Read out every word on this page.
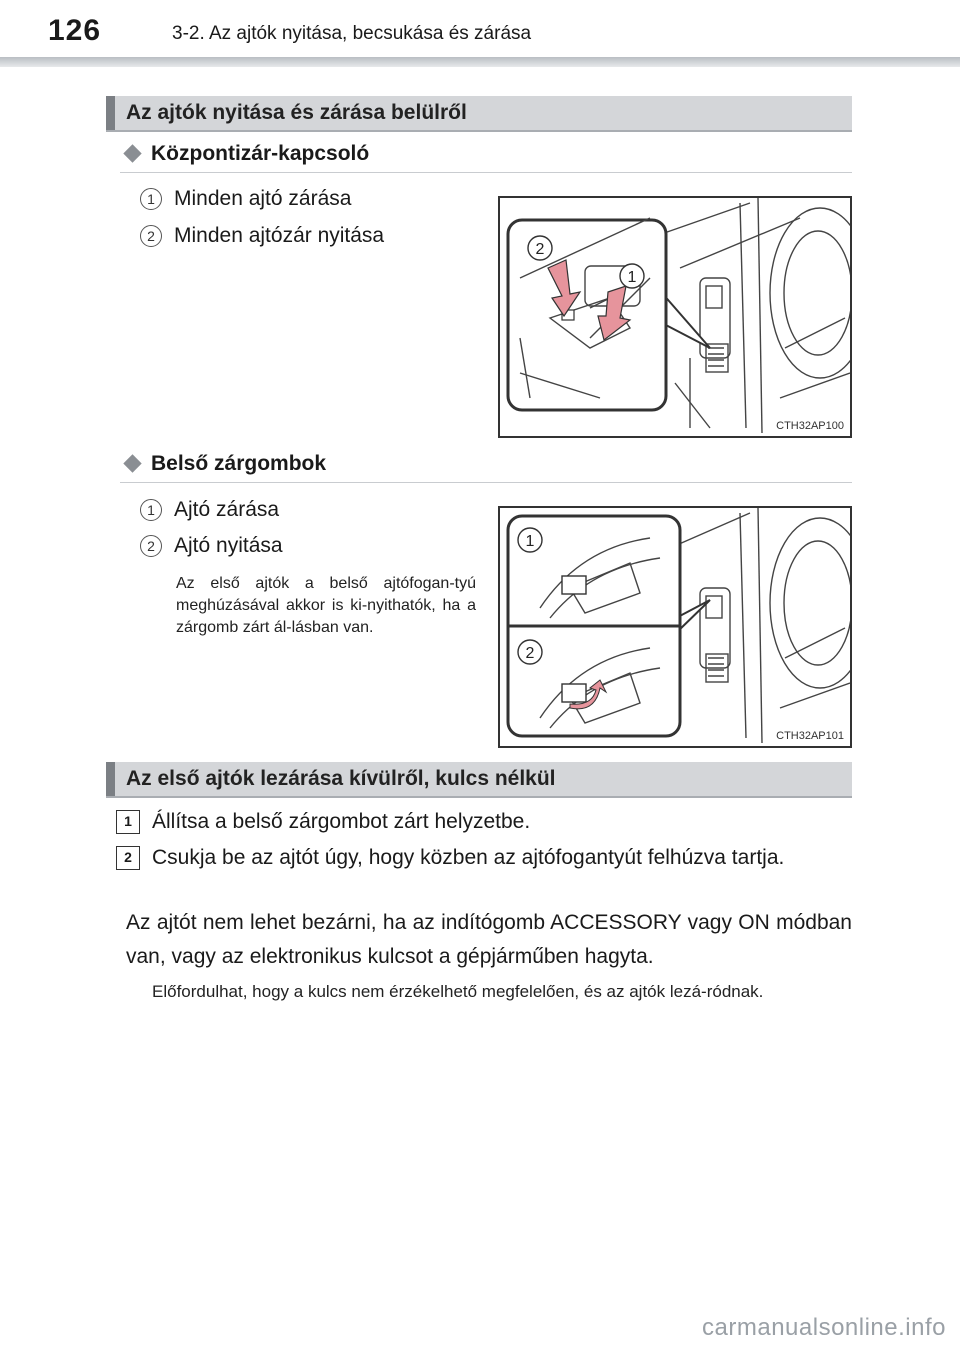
126	3-2. Az ajtók nyitása, becsukása és zárása
Az ajtók nyitása és zárása belülről
Központizár-kapcsoló
1 Minden ajtó zárása
2 Minden ajtózár nyitása
2
1
CTH32AP100
Belső zárgombok
1 Ajtó zárása
2 Ajtó nyitása
Az első ajtók a belső ajtófogan-tyú meghúzásával akkor is ki-nyithatók, ha a zárgomb zárt ál-lásban van.
1
2
CTH32AP101
Az első ajtók lezárása kívülről, kulcs nélkül
1 Állítsa a belső zárgombot zárt helyzetbe.
2 Csukja be az ajtót úgy, hogy közben az ajtófogantyút felhúzva tartja.
Az ajtót nem lehet bezárni, ha az indítógomb ACCESSORY vagy ON módban van, vagy az elektronikus kulcsot a gépjárműben hagyta.
Előfordulhat, hogy a kulcs nem érzékelhető megfelelően, és az ajtók lezá-ródnak.
carmanualsonline.info
